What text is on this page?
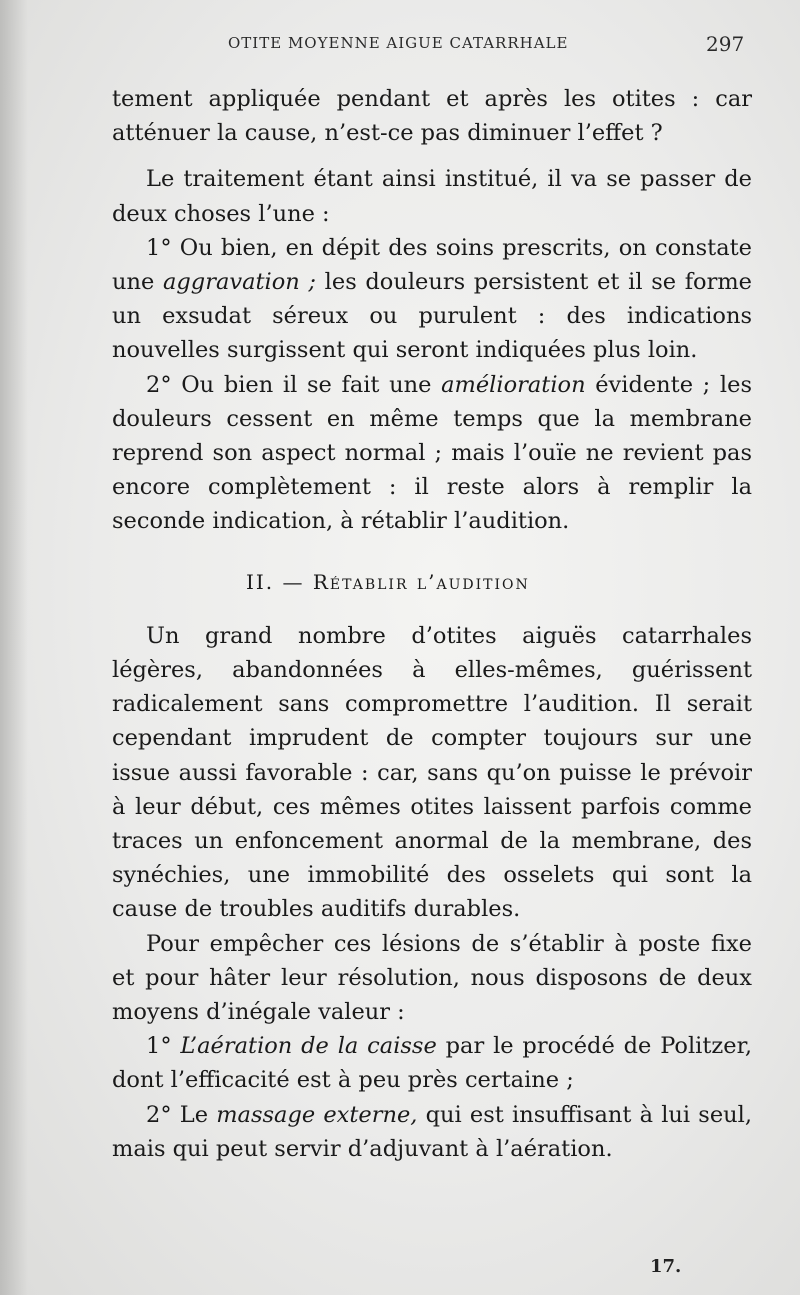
OTITE MOYENNE AIGUE CATARRHALE	297

tement appliquée pendant et après les otites : car atténuer la cause, n’est-ce pas diminuer l’effet ?

Le traitement étant ainsi institué, il va se passer de deux choses l’une :

1° Ou bien, en dépit des soins prescrits, on constate une aggravation ; les douleurs persistent et il se forme un exsudat séreux ou purulent : des indications nouvelles surgissent qui seront indiquées plus loin.

2° Ou bien il se fait une amélioration évidente ; les douleurs cessent en même temps que la membrane reprend son aspect normal ; mais l’ouïe ne revient pas encore complètement : il reste alors à remplir la seconde indication, à rétablir l’audition.

II. — Rétablir l’audition

Un grand nombre d’otites aiguës catarrhales légères, abandonnées à elles-mêmes, guérissent radicalement sans compromettre l’audition. Il serait cependant imprudent de compter toujours sur une issue aussi favorable : car, sans qu’on puisse le prévoir à leur début, ces mêmes otites laissent parfois comme traces un enfoncement anormal de la membrane, des synéchies, une immobilité des osselets qui sont la cause de troubles auditifs durables.

Pour empêcher ces lésions de s’établir à poste fixe et pour hâter leur résolution, nous disposons de deux moyens d’inégale valeur :

1° L’aération de la caisse par le procédé de Politzer, dont l’efficacité est à peu près certaine ;

2° Le massage externe, qui est insuffisant à lui seul, mais qui peut servir d’adjuvant à l’aération.

17.
